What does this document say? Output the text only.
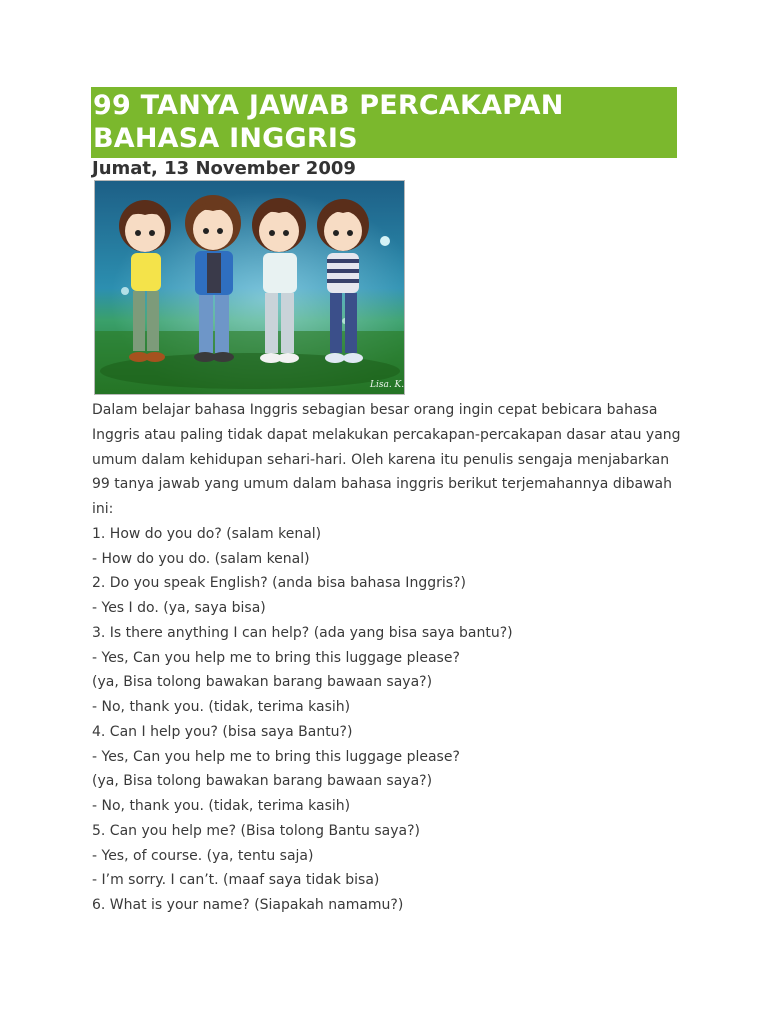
99 TANYA JAWAB PERCAKAPAN
BAHASA INGGRIS
Jumat, 13 November 2009
Lisa. K.

Dalam belajar bahasa Inggris sebagian besar orang ingin cepat bebicara bahasa

Inggris atau paling tidak dapat melakukan percakapan-percakapan dasar atau yang

umum dalam kehidupan sehari-hari. Oleh karena itu penulis sengaja menjabarkan

99 tanya jawab yang umum dalam bahasa inggris berikut terjemahannya dibawah

ini:

1. How do you do? (salam kenal)

- How do you do. (salam kenal)

2. Do you speak English? (anda bisa bahasa Inggris?)

- Yes I do. (ya, saya bisa)

3. Is there anything I can help? (ada yang bisa saya bantu?)

- Yes, Can you help me to bring this luggage please?

(ya, Bisa tolong bawakan barang bawaan saya?)

- No, thank you. (tidak, terima kasih)

4. Can I help you? (bisa saya Bantu?)

- Yes, Can you help me to bring this luggage please?

(ya, Bisa tolong bawakan barang bawaan saya?)

- No, thank you. (tidak, terima kasih)

5. Can you help me? (Bisa tolong Bantu saya?)

- Yes, of course. (ya, tentu saja)

- I’m sorry. I can’t. (maaf saya tidak bisa)

6. What is your name? (Siapakah namamu?)
